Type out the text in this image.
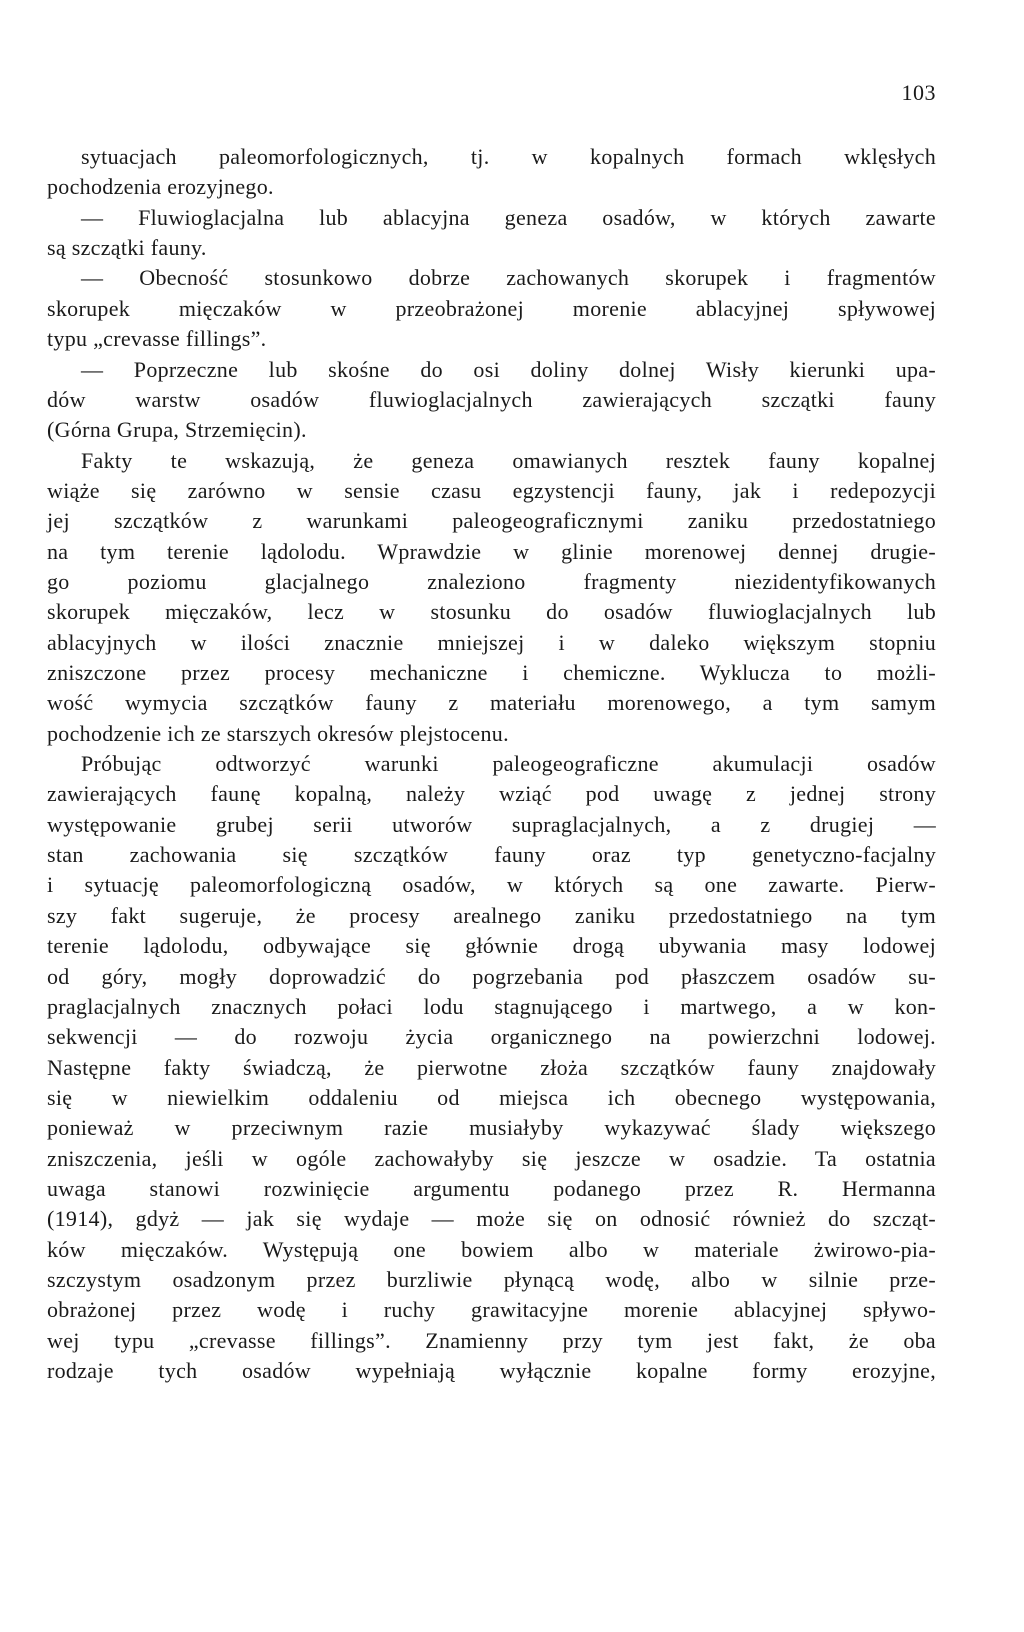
103
sytuacjach paleomorfologicznych, tj. w kopalnych formach wklęsłych
pochodzenia erozyjnego.
— Fluwioglacjalna lub ablacyjna geneza osadów, w których zawarte
są szczątki fauny.
— Obecność stosunkowo dobrze zachowanych skorupek i fragmentów
skorupek mięczaków w przeobrażonej morenie ablacyjnej spływowej
typu „crevasse fillings”.
— Poprzeczne lub skośne do osi doliny dolnej Wisły kierunki upa-
dów warstw osadów fluwioglacjalnych zawierających szczątki fauny
(Górna Grupa, Strzemięcin).
Fakty te wskazują, że geneza omawianych resztek fauny kopalnej
wiąże się zarówno w sensie czasu egzystencji fauny, jak i redepozycji
jej szczątków z warunkami paleogeograficznymi zaniku przedostatniego
na tym terenie lądolodu. Wprawdzie w glinie morenowej dennej drugie-
go poziomu glacjalnego znaleziono fragmenty niezidentyfikowanych
skorupek mięczaków, lecz w stosunku do osadów fluwioglacjalnych lub
ablacyjnych w ilości znacznie mniejszej i w daleko większym stopniu
zniszczone przez procesy mechaniczne i chemiczne. Wyklucza to możli-
wość wymycia szczątków fauny z materiału morenowego, a tym samym
pochodzenie ich ze starszych okresów plejstocenu.
Próbując odtworzyć warunki paleogeograficzne akumulacji osadów
zawierających faunę kopalną, należy wziąć pod uwagę z jednej strony
występowanie grubej serii utworów supraglacjalnych, a z drugiej —
stan zachowania się szczątków fauny oraz typ genetyczno-facjalny
i sytuację paleomorfologiczną osadów, w których są one zawarte. Pierw-
szy fakt sugeruje, że procesy arealnego zaniku przedostatniego na tym
terenie lądolodu, odbywające się głównie drogą ubywania masy lodowej
od góry, mogły doprowadzić do pogrzebania pod płaszczem osadów su-
praglacjalnych znacznych połaci lodu stagnującego i martwego, a w kon-
sekwencji — do rozwoju życia organicznego na powierzchni lodowej.
Następne fakty świadczą, że pierwotne złoża szczątków fauny znajdowały
się w niewielkim oddaleniu od miejsca ich obecnego występowania,
ponieważ w przeciwnym razie musiałyby wykazywać ślady większego
zniszczenia, jeśli w ogóle zachowałyby się jeszcze w osadzie. Ta ostatnia
uwaga stanowi rozwinięcie argumentu podanego przez R. Hermanna
(1914), gdyż — jak się wydaje — może się on odnosić również do szcząt-
ków mięczaków. Występują one bowiem albo w materiale żwirowo-pia-
szczystym osadzonym przez burzliwie płynącą wodę, albo w silnie prze-
obrażonej przez wodę i ruchy grawitacyjne morenie ablacyjnej spływo-
wej typu „crevasse fillings”. Znamienny przy tym jest fakt, że oba
rodzaje tych osadów wypełniają wyłącznie kopalne formy erozyjne,
